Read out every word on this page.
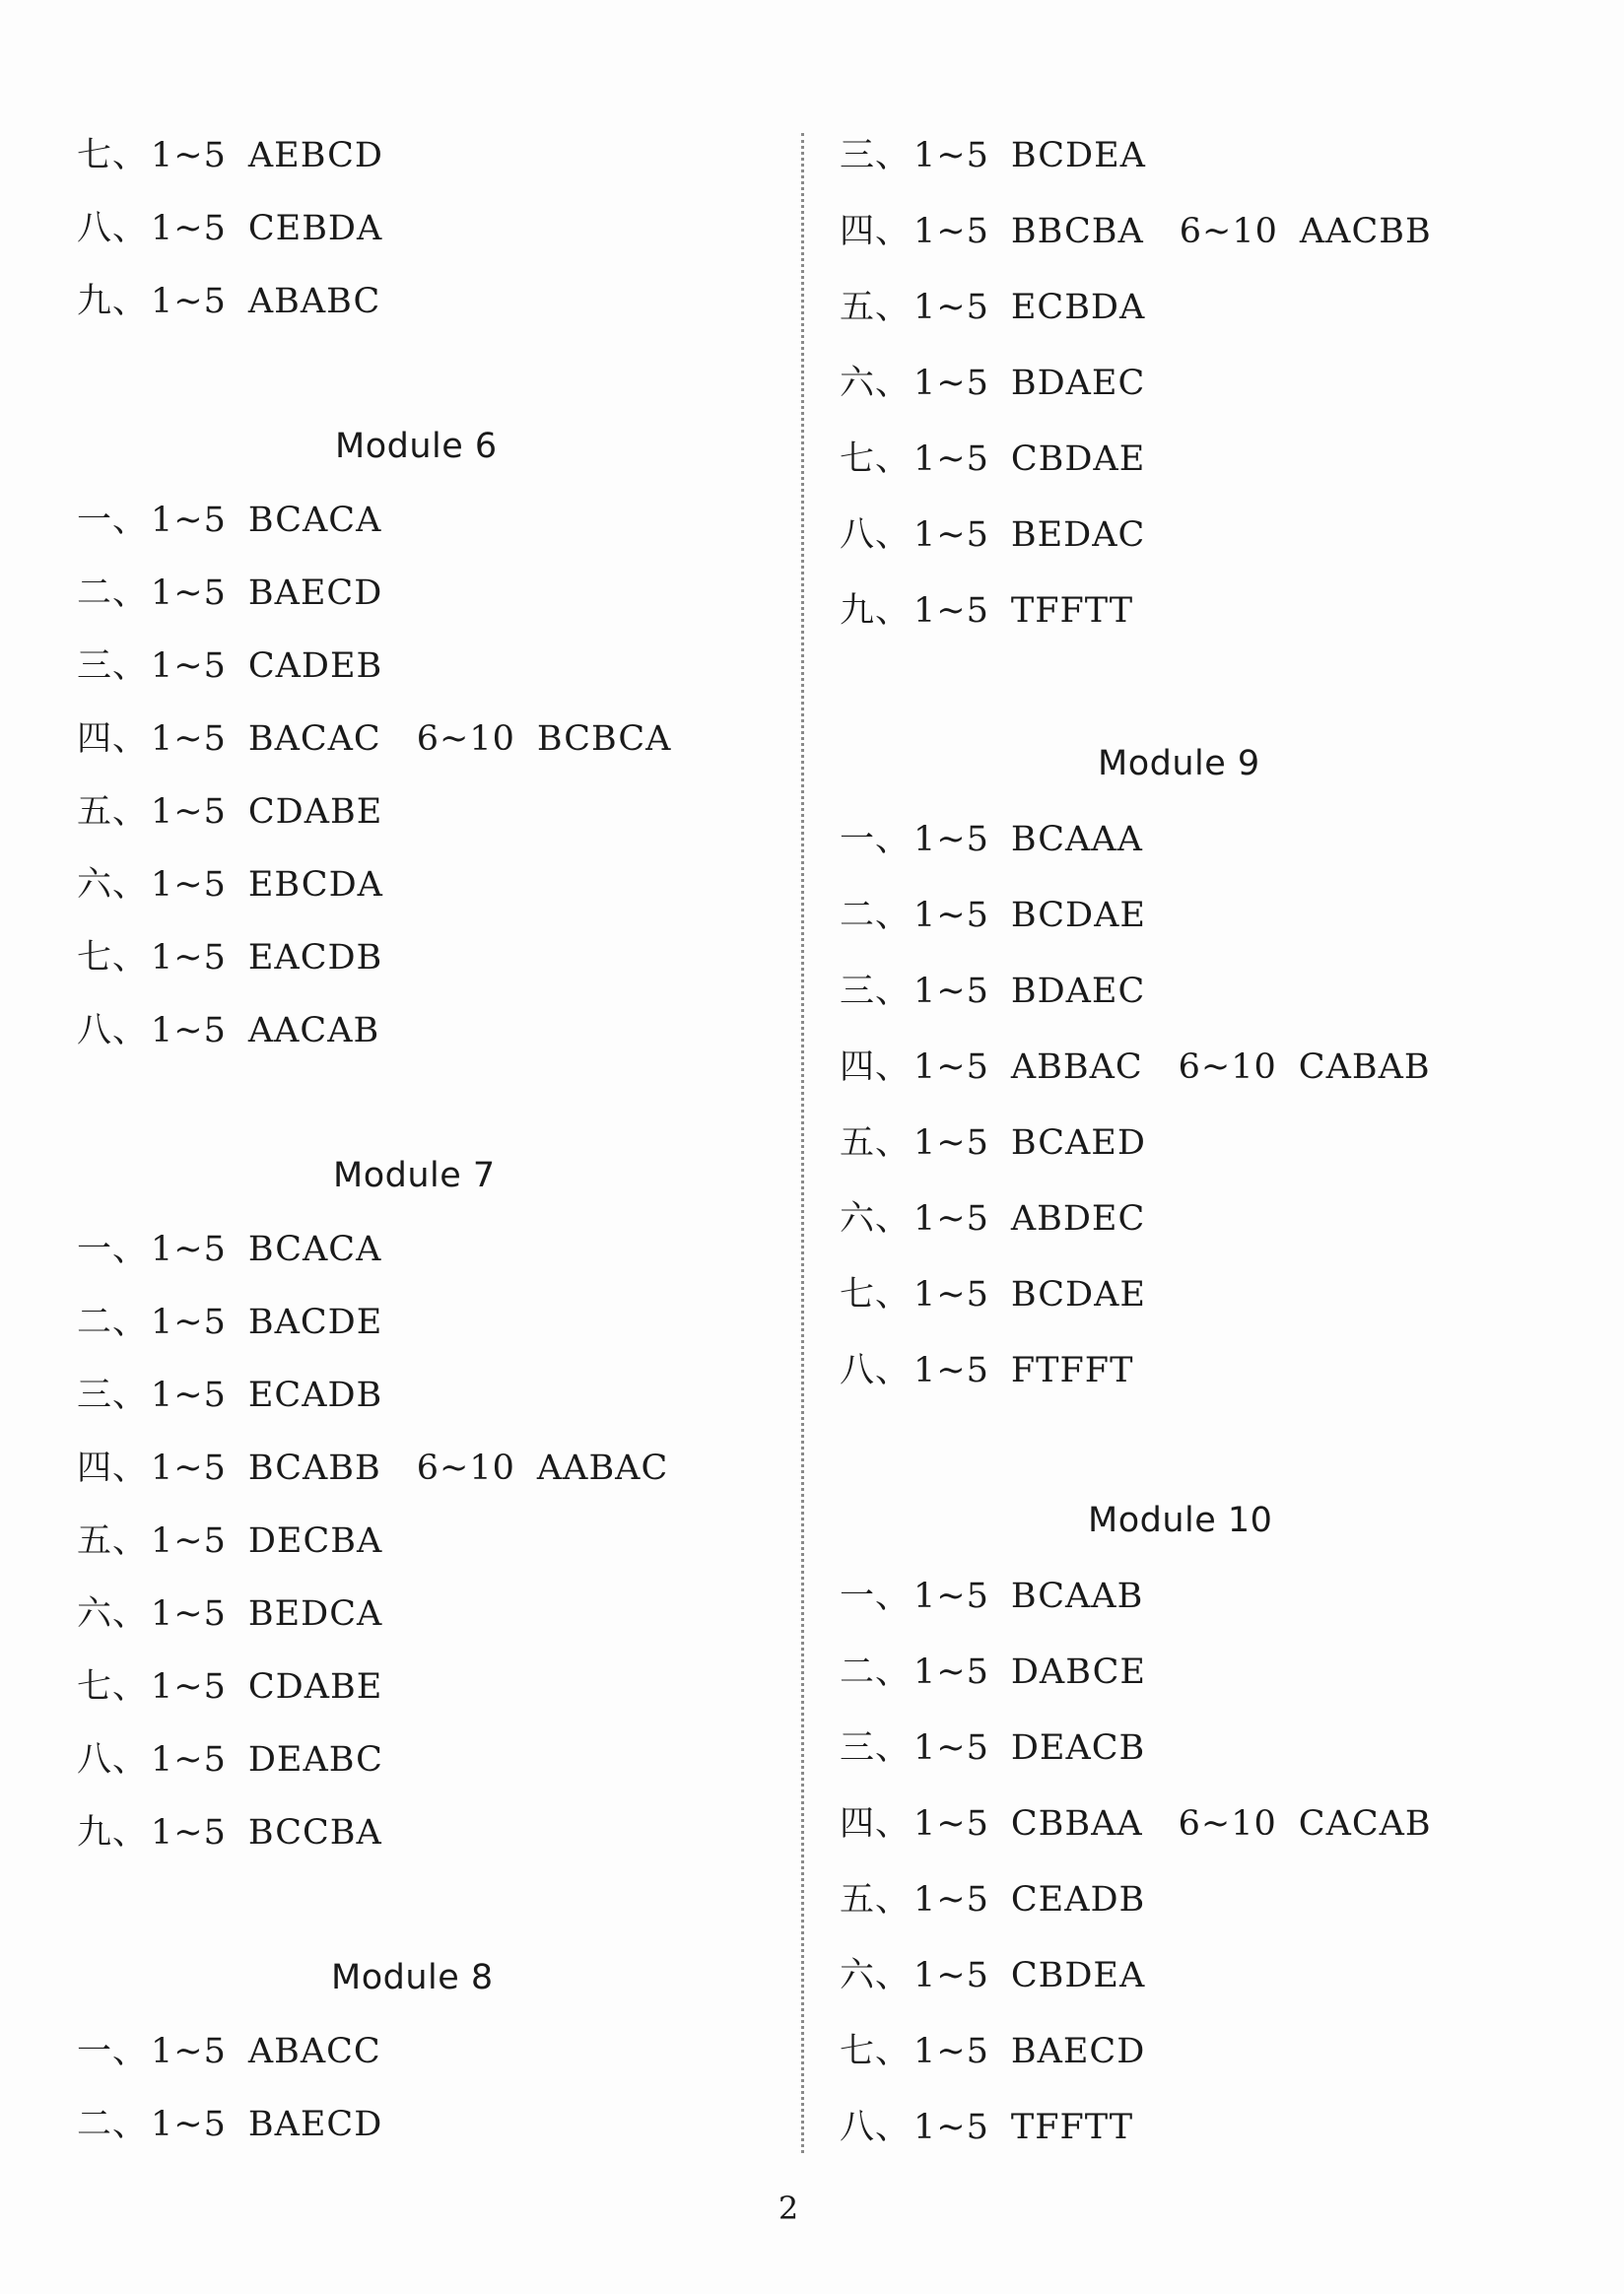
七、1~5 AEBCD
八、1~5 CEBDA
九、1~5 ABABC
Module 6
一、1~5 BCACA
二、1~5 BAECD
三、1~5 CADEB
四、1~5 BACAC 6~10 BCBCA
五、1~5 CDABE
六、1~5 EBCDA
七、1~5 EACDB
八、1~5 AACAB
Module 7
一、1~5 BCACA
二、1~5 BACDE
三、1~5 ECADB
四、1~5 BCABB 6~10 AABAC
五、1~5 DECBA
六、1~5 BEDCA
七、1~5 CDABE
八、1~5 DEABC
九、1~5 BCCBA
Module 8
一、1~5 ABACC
二、1~5 BAECD
三、1~5 BCDEA
四、1~5 BBCBA 6~10 AACBB
五、1~5 ECBDA
六、1~5 BDAEC
七、1~5 CBDAE
八、1~5 BEDAC
九、1~5 TFFTT
Module 9
一、1~5 BCAAA
二、1~5 BCDAE
三、1~5 BDAEC
四、1~5 ABBAC 6~10 CABAB
五、1~5 BCAED
六、1~5 ABDEC
七、1~5 BCDAE
八、1~5 FTFFT
Module 10
一、1~5 BCAAB
二、1~5 DABCE
三、1~5 DEACB
四、1~5 CBBAA 6~10 CACAB
五、1~5 CEADB
六、1~5 CBDEA
七、1~5 BAECD
八、1~5 TFFTT
2
